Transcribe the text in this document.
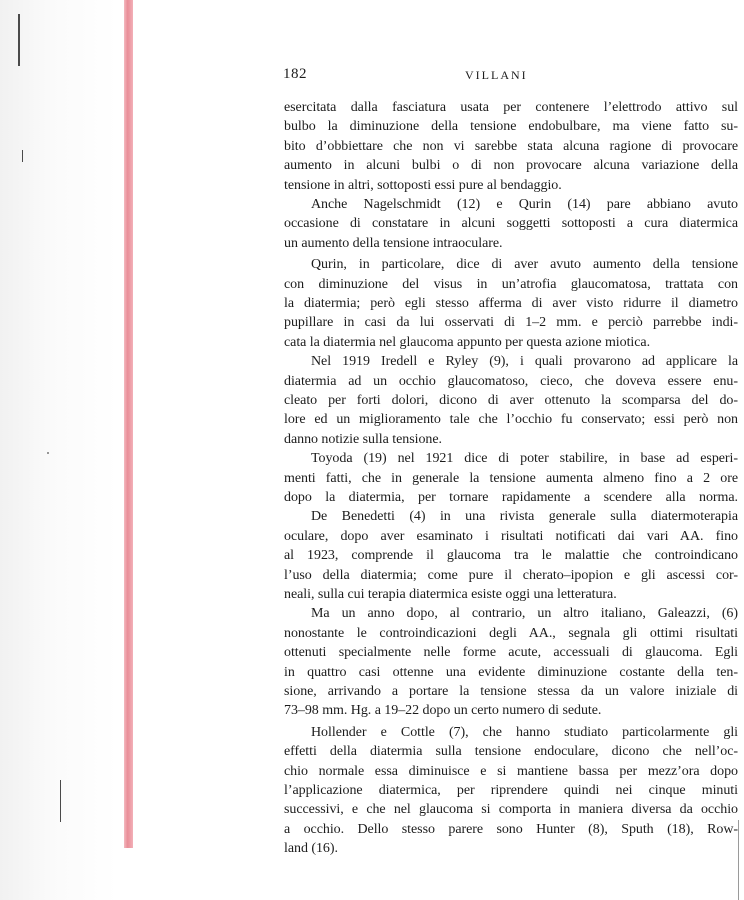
182	VILLANI
esercitata dalla fasciatura usata per contenere l’elettrodo attivo sul
bulbo la diminuzione della tensione endobulbare, ma viene fatto su-
bito d’obbiettare che non vi sarebbe stata alcuna ragione di provocare
aumento in alcuni bulbi o di non provocare alcuna variazione della
tensione in altri, sottoposti essi pure al bendaggio.
Anche Nagelschmidt (12) e Qurin (14) pare abbiano avuto
occasione di constatare in alcuni soggetti sottoposti a cura diatermica
un aumento della tensione intraoculare.
Qurin, in particolare, dice di aver avuto aumento della tensione
con diminuzione del visus in un’atrofia glaucomatosa, trattata con
la diatermia; però egli stesso afferma di aver visto ridurre il diametro
pupillare in casi da lui osservati di 1–2 mm. e perciò parrebbe indi-
cata la diatermia nel glaucoma appunto per questa azione miotica.
Nel 1919 Iredell e Ryley (9), i quali provarono ad applicare la
diatermia ad un occhio glaucomatoso, cieco, che doveva essere enu-
cleato per forti dolori, dicono di aver ottenuto la scomparsa del do-
lore ed un miglioramento tale che l’occhio fu conservato; essi però non
danno notizie sulla tensione.
Toyoda (19) nel 1921 dice di poter stabilire, in base ad esperi-
menti fatti, che in generale la tensione aumenta almeno fino a 2 ore
dopo la diatermia, per tornare rapidamente a scendere alla norma.
De Benedetti (4) in una rivista generale sulla diatermoterapia
oculare, dopo aver esaminato i risultati notificati dai vari AA. fino
al 1923, comprende il glaucoma tra le malattie che controindicano
l’uso della diatermia; come pure il cherato–ipopion e gli ascessi cor-
neali, sulla cui terapia diatermica esiste oggi una letteratura.
Ma un anno dopo, al contrario, un altro italiano, Galeazzi, (6)
nonostante le controindicazioni degli AA., segnala gli ottimi risultati
ottenuti specialmente nelle forme acute, accessuali di glaucoma. Egli
in quattro casi ottenne una evidente diminuzione costante della ten-
sione, arrivando a portare la tensione stessa da un valore iniziale di
73–98 mm. Hg. a 19–22 dopo un certo numero di sedute.
Hollender e Cottle (7), che hanno studiato particolarmente gli
effetti della diatermia sulla tensione endoculare, dicono che nell’oc-
chio normale essa diminuisce e si mantiene bassa per mezz’ora dopo
l’applicazione diatermica, per riprendere quindi nei cinque minuti
successivi, e che nel glaucoma si comporta in maniera diversa da occhio
a occhio. Dello stesso parere sono Hunter (8), Sputh (18), Row-
land (16).
